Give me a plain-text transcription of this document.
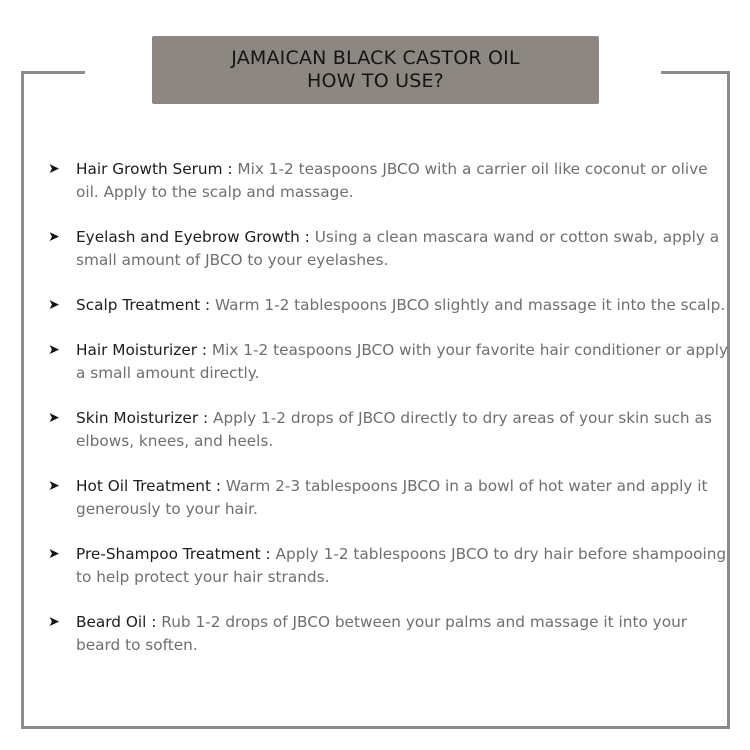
JAMAICAN BLACK CASTOR OIL
HOW TO USE?
➤	Hair Growth Serum : Mix 1-2 teaspoons JBCO with a carrier oil like coconut or olive oil. Apply to the scalp and massage.
➤	Eyelash and Eyebrow Growth : Using a clean mascara wand or cotton swab, apply a small amount of JBCO to your eyelashes.
➤	Scalp Treatment : Warm 1-2 tablespoons JBCO slightly and massage it into the scalp.
➤	Hair Moisturizer : Mix 1-2 teaspoons JBCO with your favorite hair conditioner or apply a small amount directly.
➤	Skin Moisturizer : Apply 1-2 drops of JBCO directly to dry areas of your skin such as elbows, knees, and heels.
➤	Hot Oil Treatment : Warm 2-3 tablespoons JBCO in a bowl of hot water and apply it generously to your hair.
➤	Pre-Shampoo Treatment : Apply 1-2 tablespoons JBCO to dry hair before shampooing to help protect your hair strands.
➤	Beard Oil : Rub 1-2 drops of JBCO between your palms and massage it into your beard to soften.
